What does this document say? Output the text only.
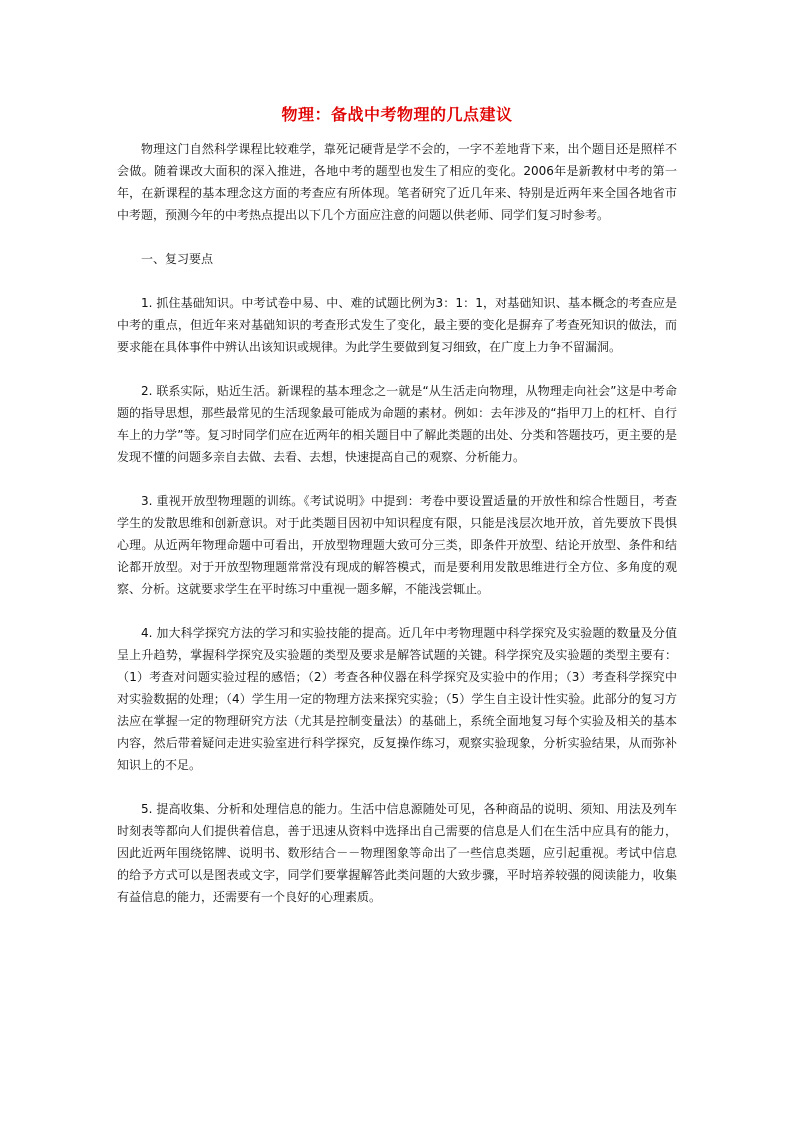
物理：备战中考物理的几点建议

物理这门自然科学课程比较难学，靠死记硬背是学不会的，一字不差地背下来，出个题目还是照样不会做。随着课改大面积的深入推进，各地中考的题型也发生了相应的变化。2006年是新教材中考的第一年，在新课程的基本理念这方面的考查应有所体现。笔者研究了近几年来、特别是近两年来全国各地省市中考题，预测今年的中考热点提出以下几个方面应注意的问题以供老师、同学们复习时参考。

一、复习要点

1. 抓住基础知识。中考试卷中易、中、难的试题比例为3：1：1，对基础知识、基本概念的考查应是中考的重点，但近年来对基础知识的考查形式发生了变化，最主要的变化是摒弃了考查死知识的做法，而要求能在具体事件中辨认出该知识或规律。为此学生要做到复习细致，在广度上力争不留漏洞。

2. 联系实际，贴近生活。新课程的基本理念之一就是“从生活走向物理，从物理走向社会”这是中考命题的指导思想，那些最常见的生活现象最可能成为命题的素材。例如：去年涉及的“指甲刀上的杠杆、自行车上的力学”等。复习时同学们应在近两年的相关题目中了解此类题的出处、分类和答题技巧，更主要的是发现不懂的问题多亲自去做、去看、去想，快速提高自己的观察、分析能力。

3. 重视开放型物理题的训练。《考试说明》中提到：考卷中要设置适量的开放性和综合性题目，考查学生的发散思维和创新意识。对于此类题目因初中知识程度有限，只能是浅层次地开放，首先要放下畏惧心理。从近两年物理命题中可看出，开放型物理题大致可分三类，即条件开放型、结论开放型、条件和结论都开放型。对于开放型物理题常常没有现成的解答模式，而是要利用发散思维进行全方位、多角度的观察、分析。这就要求学生在平时练习中重视一题多解，不能浅尝辄止。

4. 加大科学探究方法的学习和实验技能的提高。近几年中考物理题中科学探究及实验题的数量及分值呈上升趋势，掌握科学探究及实验题的类型及要求是解答试题的关键。科学探究及实验题的类型主要有：（1）考查对问题实验过程的感悟；（2）考查各种仪器在科学探究及实验中的作用；（3）考查科学探究中对实验数据的处理；（4）学生用一定的物理方法来探究实验；（5）学生自主设计性实验。此部分的复习方法应在掌握一定的物理研究方法（尤其是控制变量法）的基础上，系统全面地复习每个实验及相关的基本内容，然后带着疑问走进实验室进行科学探究，反复操作练习，观察实验现象，分析实验结果，从而弥补知识上的不足。

5. 提高收集、分析和处理信息的能力。生活中信息源随处可见，各种商品的说明、须知、用法及列车时刻表等都向人们提供着信息，善于迅速从资料中选择出自己需要的信息是人们在生活中应具有的能力，因此近两年围绕铭牌、说明书、数形结合－－物理图象等命出了一些信息类题，应引起重视。考试中信息的给予方式可以是图表或文字，同学们要掌握解答此类问题的大致步骤，平时培养较强的阅读能力，收集有益信息的能力，还需要有一个良好的心理素质。
